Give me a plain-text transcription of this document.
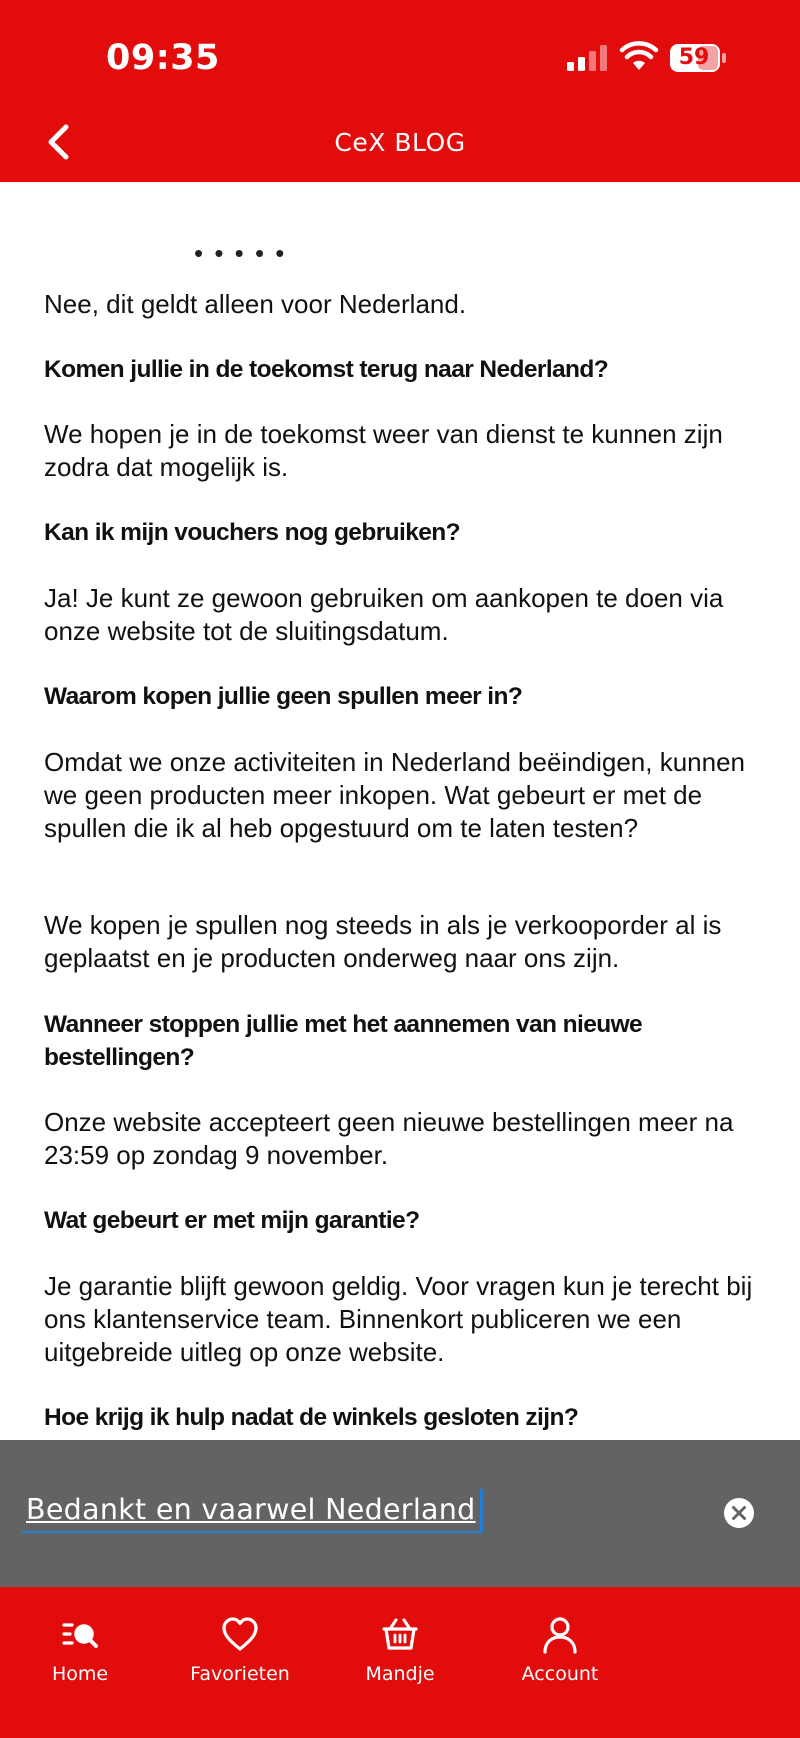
09:35	59
CeX BLOG
• • • • •
Nee, dit geldt alleen voor Nederland.
Komen jullie in de toekomst terug naar Nederland?
We hopen je in de toekomst weer van dienst te kunnen zijn zodra dat mogelijk is.
Kan ik mijn vouchers nog gebruiken?
Ja! Je kunt ze gewoon gebruiken om aankopen te doen via onze website tot de sluitingsdatum.
Waarom kopen jullie geen spullen meer in?
Omdat we onze activiteiten in Nederland beëindigen, kunnen we geen producten meer inkopen. Wat gebeurt er met de spullen die ik al heb opgestuurd om te laten testen?
We kopen je spullen nog steeds in als je verkooporder al is geplaatst en je producten onderweg naar ons zijn.
Wanneer stoppen jullie met het aannemen van nieuwe bestellingen?
Onze website accepteert geen nieuwe bestellingen meer na 23:59 op zondag 9 november.
Wat gebeurt er met mijn garantie?
Je garantie blijft gewoon geldig. Voor vragen kun je terecht bij ons klantenservice team. Binnenkort publiceren we een uitgebreide uitleg op onze website.
Hoe krijg ik hulp nadat de winkels gesloten zijn?
Bedankt en vaarwel Nederland
Home	Favorieten	Mandje	Account
